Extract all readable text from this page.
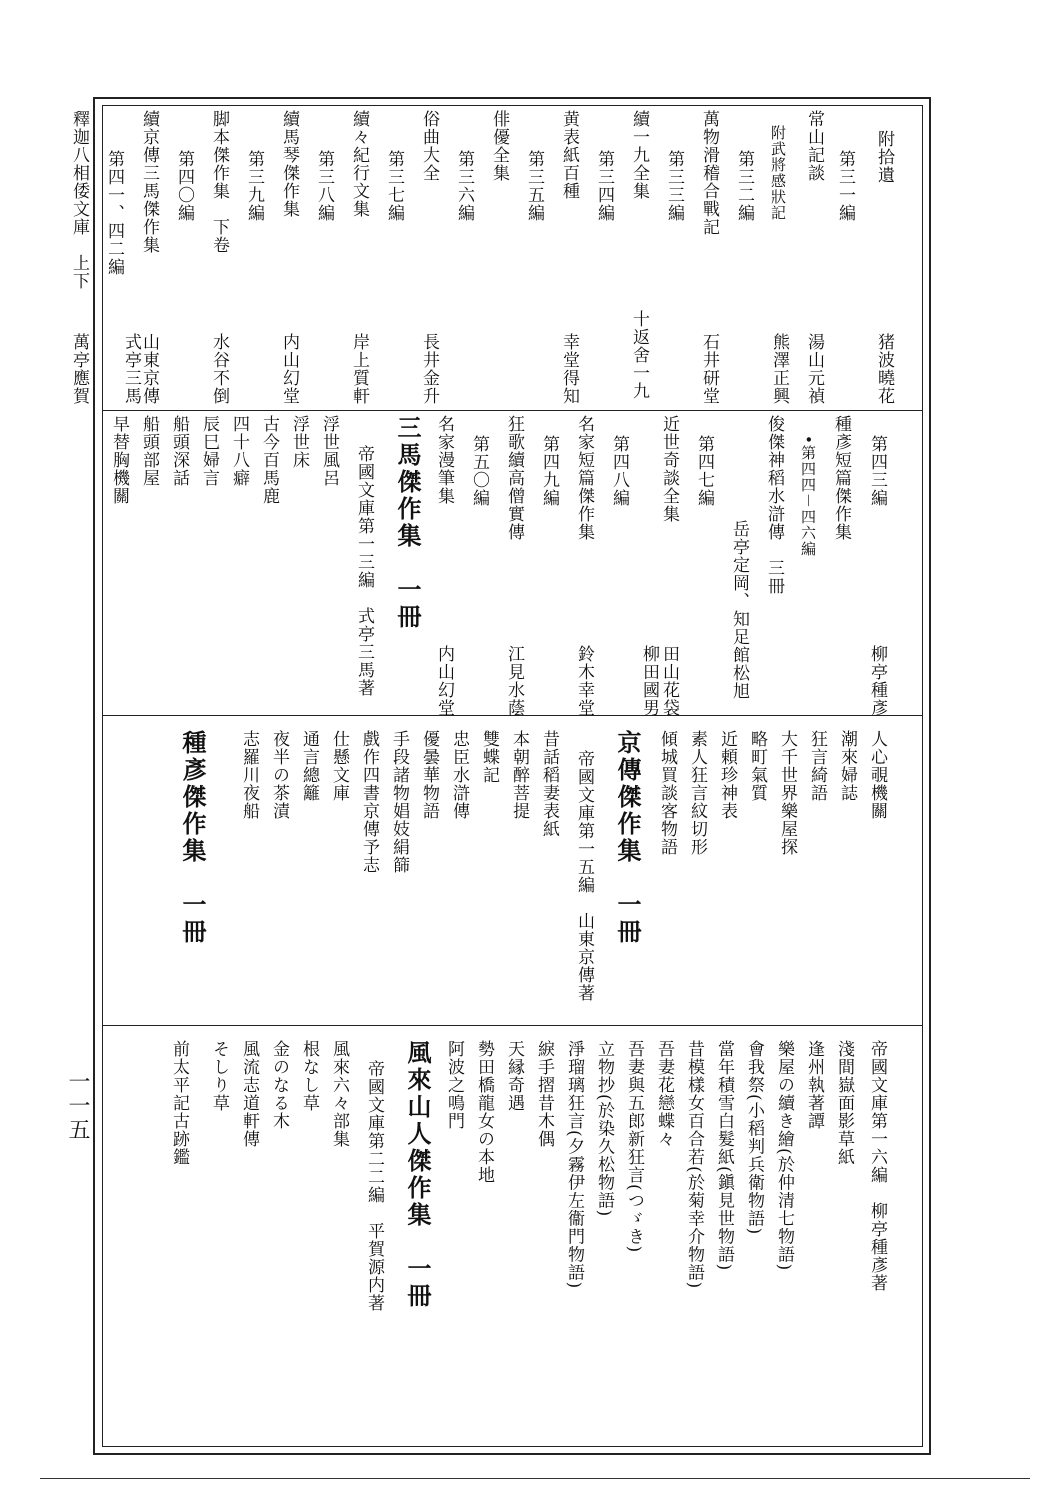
一一五
附拾遺
第三一編
猪波曉花
常山記談
湯山元禎
附武將感狀記
熊澤正興
第三二編
萬物滑稽合戰記
石井研堂
第三三編
續一九全集
十返舍一九
第三四編
黄表紙百種
幸堂得知
第三五編
俳優全集
第三六編
俗曲大全
長井金升
第三七編
續々紀行文集
岸上質軒
第三八編
續馬琴傑作集
内山幻堂
第三九編
脚本傑作集　下卷
水谷不倒
第四〇編
續京傳三馬傑作集
山東京傳
式亭三馬
第四一、四二編
釋迦八相倭文庫　上下
萬亭應賀
第四三編
種彥短篇傑作集
柳亭種彥
•第四四－四六編
俊傑神稻水滸傳　三冊
岳亭定岡、知足館松旭
第四七編
近世奇談全集
田山花袋
柳田國男
第四八編
名家短篇傑作集
鈴木幸堂
第四九編
狂歌續高僧實傳
江見水蔭
第五〇編
名家漫筆集
内山幻堂
三馬傑作集　一冊
帝國文庫第一三編　式亭三馬著
浮世風呂
浮世床
古今百馬鹿
四十八癖
辰巳婦言
船頭深話
船頭部屋
早替胸機關
人心覗機關
潮來婦誌
狂言綺語
大千世界樂屋探
略町氣質
近頼珍神表
素人狂言紋切形
傾城買談客物語
京傳傑作集　一冊
帝國文庫第一五編　山東京傳著
昔話稻妻表紙
本朝醉菩提
雙蝶記
忠臣水滸傳
優曇華物語
手段諸物娼妓絹篩
戲作四書京傳予志
仕懸文庫
通言總籬
夜半の茶漬
志羅川夜船
種彥傑作集　一冊
帝國文庫第一六編　柳亭種彥著
淺間嶽面影草紙
逢州執著譚
樂屋の續き繪(於仲清七物語)
會我祭(小稻判兵衛物語)
當年積雪白髮紙(鎭見世物語)
昔模樣女百合若(於菊幸介物語)
吾妻花戀蝶々
吾妻與五郎新狂言(つゞき)
立物抄(於染久松物語)
淨瑠璃狂言(夕霧伊左衞門物語)
綟手摺昔木偶
天縁奇遇
勢田橋龍女の本地
阿波之鳴門
風來山人傑作集　一冊
帝國文庫第二二編　平賀源内著
風來六々部集
根なし草
金のなる木
風流志道軒傳
そしり草
前太平記古跡鑑
